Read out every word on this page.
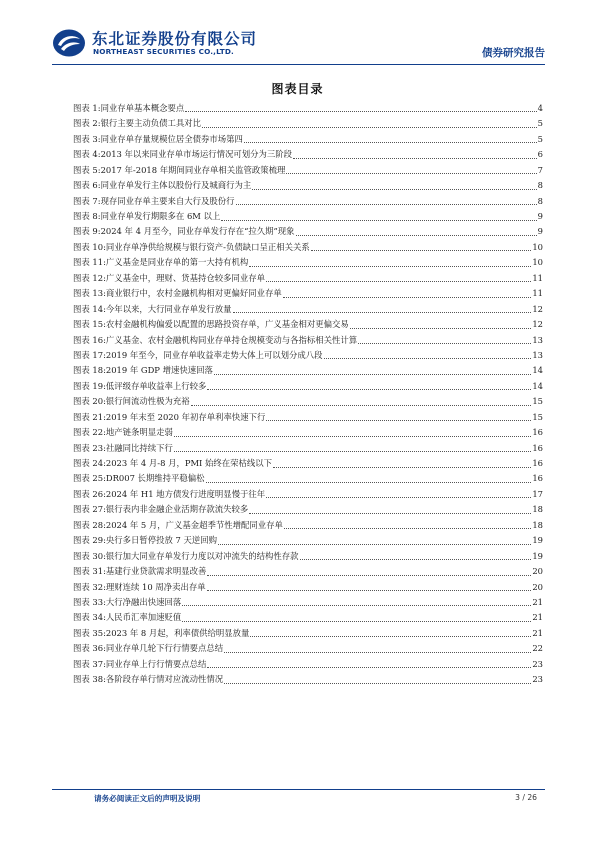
东北证券股份有限公司
NORTHEAST SECURITIES CO.,LTD.	债券研究报告
图表目录
图表 1: 同业存单基本概念要点	4
图表 2: 银行主要主动负债工具对比	5
图表 3: 同业存单存量规模位居全债券市场第四	5
图表 4: 2013 年以来同业存单市场运行情况可划分为三阶段	6
图表 5: 2017 年-2018 年期间同业存单相关监管政策梳理	7
图表 6: 同业存单发行主体以股份行及城商行为主	8
图表 7: 现存同业存单主要来自大行及股份行	8
图表 8: 同业存单发行期限多在 6M 以上	9
图表 9: 2024 年 4 月至今，同业存单发行存在“拉久期”现象	9
图表 10: 同业存单净供给规模与银行资产-负债缺口呈正相关关系	10
图表 11: 广义基金是同业存单的第一大持有机构	10
图表 12: 广义基金中，理财、货基持仓较多同业存单	11
图表 13: 商业银行中，农村金融机构相对更偏好同业存单	11
图表 14: 今年以来，大行同业存单发行放量	12
图表 15: 农村金融机构偏爱以配置的思路投资存单，广义基金相对更偏交易	12
图表 16: 广义基金、农村金融机构同业存单持仓规模变动与各指标相关性计算	13
图表 17: 2019 年至今，同业存单收益率走势大体上可以划分成八段	13
图表 18: 2019 年 GDP 增速快速回落	14
图表 19: 低评级存单收益率上行较多	14
图表 20: 银行间流动性极为充裕	15
图表 21: 2019 年末至 2020 年初存单利率快速下行	15
图表 22: 地产链条明显走弱	16
图表 23: 社融同比持续下行	16
图表 24: 2023 年 4 月-8 月，PMI 始终在荣枯线以下	16
图表 25: DR007 长期维持平稳偏松	16
图表 26: 2024 年 H1 地方债发行进度明显慢于往年	17
图表 27: 银行表内非金融企业活期存款流失较多	18
图表 28: 2024 年 5 月，广义基金超季节性增配同业存单	18
图表 29: 央行多日暂停投放 7 天逆回购	19
图表 30: 银行加大同业存单发行力度以对冲流失的结构性存款	19
图表 31: 基建行业贷款需求明显改善	20
图表 32: 理财连续 10 周净卖出存单	20
图表 33: 大行净融出快速回落	21
图表 34: 人民币汇率加速贬值	21
图表 35: 2023 年 8 月起，利率债供给明显放量	21
图表 36: 同业存单几轮下行行情要点总结	22
图表 37: 同业存单上行行情要点总结	23
图表 38: 各阶段存单行情对应流动性情况	23
请务必阅读正文后的声明及说明	3 / 26
